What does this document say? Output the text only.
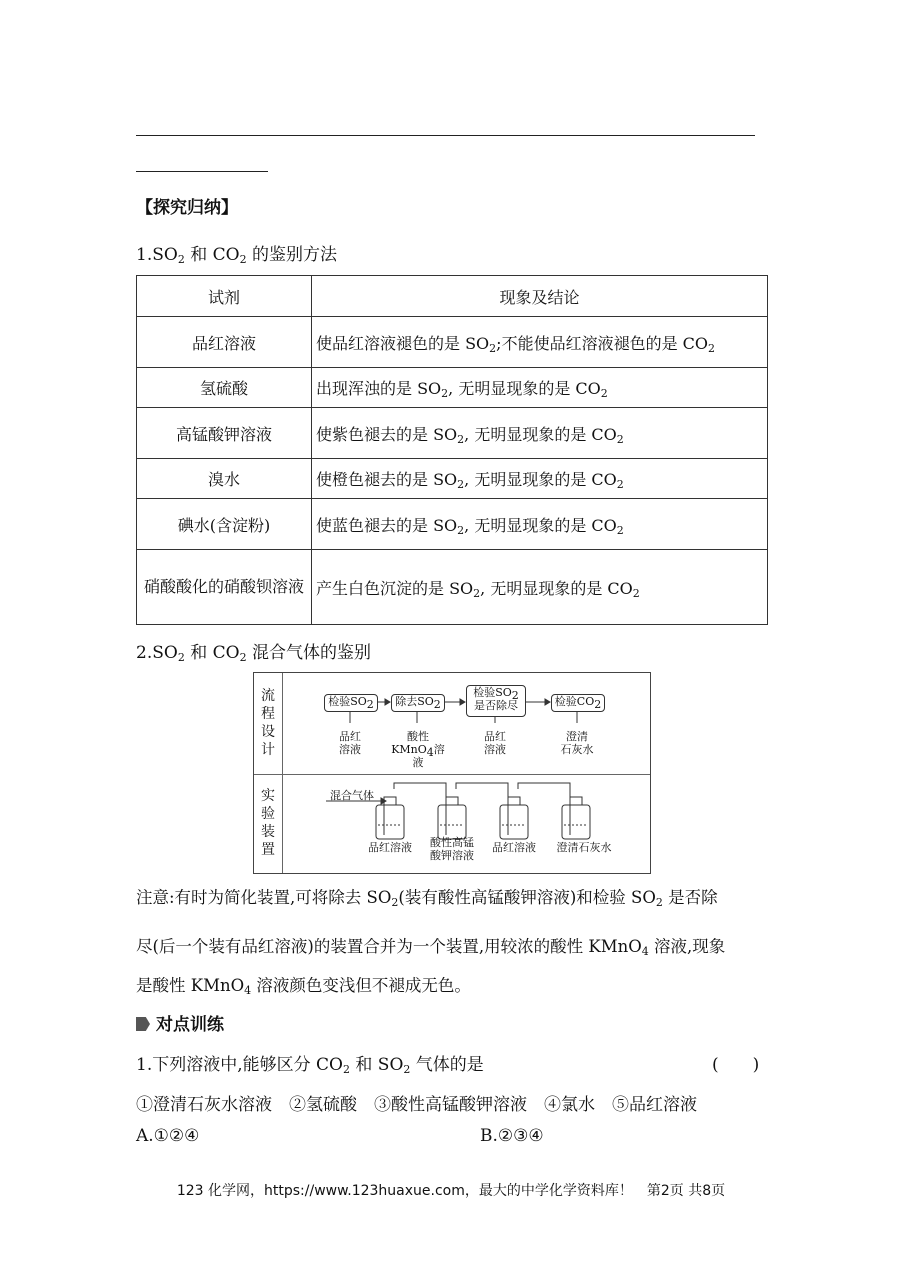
【探究归纳】
$1.SO_2$ 和 $CO_2$ 的鉴别方法
试剂	现象及结论
品红溶液	使品红溶液褪色的是 $SO_2$;不能使品红溶液褪色的是 $CO_2$
氢硫酸	出现浑浊的是 $SO_2$, 无明显现象的是 $CO_2$
高锰酸钾溶液	使紫色褪去的是 $SO_2$, 无明显现象的是 $CO_2$
溴水	使橙色褪去的是 $SO_2$, 无明显现象的是 $CO_2$
碘水(含淀粉)	使蓝色褪去的是 $SO_2$, 无明显现象的是 $CO_2$
硝酸酸化的硝酸钡溶液	产生白色沉淀的是 $SO_2$, 无明显现象的是 $CO_2$
$2.SO_2$ 和 $CO_2$ 混合气体的鉴别
流程设计
实验装置
检验$SO_2$	除去$SO_2$
检验$SO_2$
是否除尽	检验$CO_2$
品红
溶液
酸性
KMnO$_4$溶液
品红
溶液
澄清
石灰水
混合气体
品红溶液	酸性高锰
酸钾溶液
品红溶液	澄清石灰水
注意:有时为简化装置,可将除去 $SO_2$(装有酸性高锰酸钾溶液)和检验 $SO_2$ 是否除
尽(后一个装有品红溶液)的装置合并为一个装置,用较浓的酸性 KMnO$_4$ 溶液,现象
是酸性 KMnO$_4$ 溶液颜色变浅但不褪成无色。
对点训练
1.下列溶液中,能够区分 $CO_2$ 和 $SO_2$ 气体的是	(　　)
①澄清石灰水溶液　②氢硫酸　③酸性高锰酸钾溶液　④氯水　⑤品红溶液
A.①②④	B.②③④
123 化学网，https://www.123huaxue.com，最大的中学化学资料库！　第2页 共8页
